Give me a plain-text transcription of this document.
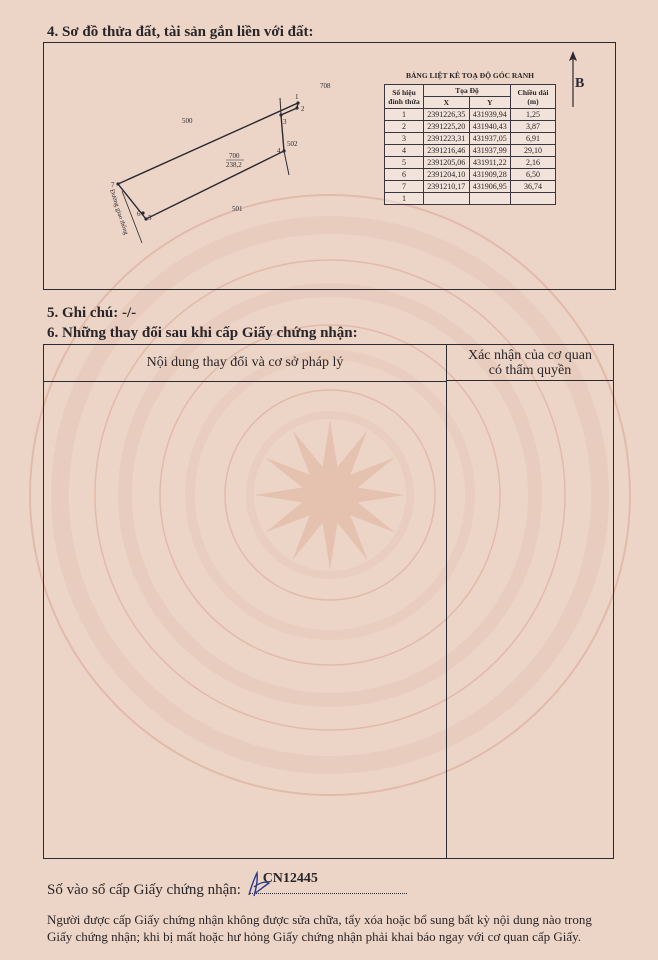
4. Sơ đồ thửa đất, tài sản gắn liền với đất:
1
2
3
4
5
6
7
708
500
502
501
700
238,2
Đường giao thông
BẢNG LIỆT KÊ TOẠ ĐỘ GÓC RANH
Số hiệu đỉnh thửa	Tọa Độ		Chiều dài (m)
	X	Y	
1	2391226,35	431939,94	1,25
2	2391225,20	431940,43	3,87
3	2391223,31	431937,05	6,91
4	2391216,46	431937,99	29,10
5	2391205,06	431911,22	2,16
6	2391204,10	431909,28	6,50
7	2391210,17	431906,95	36,74
1			
B
5. Ghi chú: -/-
6. Những thay đổi sau khi cấp Giấy chứng nhận:
Nội dung thay đổi và cơ sở pháp lý	Xác nhận của cơ quan
có thẩm quyền
Số vào sổ cấp Giấy chứng nhận:
CN12445
Người được cấp Giấy chứng nhận không được sửa chữa, tẩy xóa hoặc bổ sung bất kỳ nội dung nào trong
Giấy chứng nhận; khi bị mất hoặc hư hỏng Giấy chứng nhận phải khai báo ngay với cơ quan cấp Giấy.
